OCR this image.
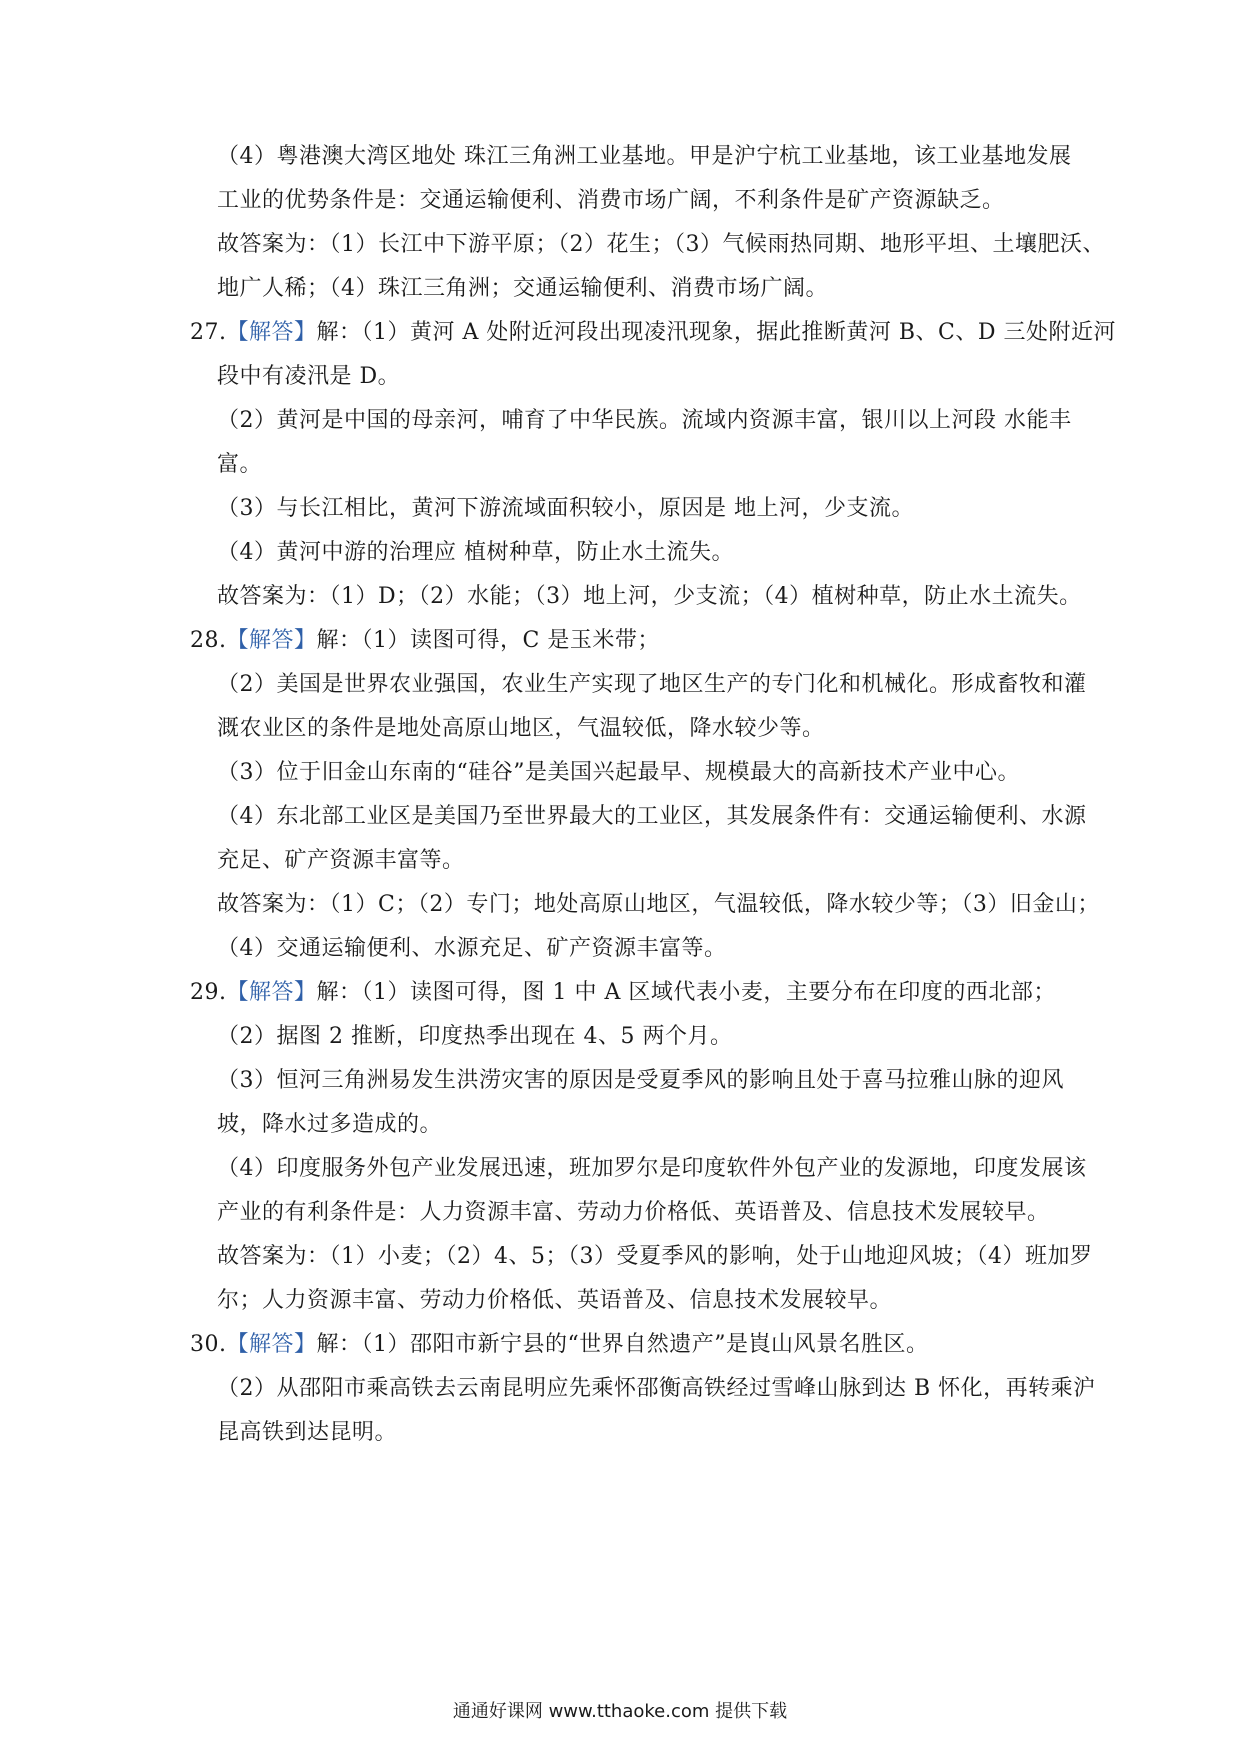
（4）粤港澳大湾区地处 珠江三角洲工业基地。甲是沪宁杭工业基地，该工业基地发展
工业的优势条件是：交通运输便利、消费市场广阔，不利条件是矿产资源缺乏。
故答案为：（1）长江中下游平原；（2）花生；（3）气候雨热同期、地形平坦、土壤肥沃、
地广人稀；（4）珠江三角洲；交通运输便利、消费市场广阔。
27.【解答】解：（1）黄河 A 处附近河段出现凌汛现象，据此推断黄河 B、C、D 三处附近河
段中有凌汛是 D。
（2）黄河是中国的母亲河，哺育了中华民族。流域内资源丰富，银川以上河段 水能丰
富。
（3）与长江相比，黄河下游流域面积较小，原因是 地上河，少支流。
（4）黄河中游的治理应 植树种草，防止水土流失。
故答案为：（1）D；（2）水能；（3）地上河，少支流；（4）植树种草，防止水土流失。
28.【解答】解：（1）读图可得，C 是玉米带；
（2）美国是世界农业强国，农业生产实现了地区生产的专门化和机械化。形成畜牧和灌
溉农业区的条件是地处高原山地区，气温较低，降水较少等。
（3）位于旧金山东南的“硅谷”是美国兴起最早、规模最大的高新技术产业中心。
（4）东北部工业区是美国乃至世界最大的工业区，其发展条件有：交通运输便利、水源
充足、矿产资源丰富等。
故答案为：（1）C；（2）专门；地处高原山地区，气温较低，降水较少等；（3）旧金山；
（4）交通运输便利、水源充足、矿产资源丰富等。
29.【解答】解：（1）读图可得，图 1 中 A 区域代表小麦，主要分布在印度的西北部；
（2）据图 2 推断，印度热季出现在 4、5 两个月。
（3）恒河三角洲易发生洪涝灾害的原因是受夏季风的影响且处于喜马拉雅山脉的迎风
坡，降水过多造成的。
（4）印度服务外包产业发展迅速，班加罗尔是印度软件外包产业的发源地，印度发展该
产业的有利条件是：人力资源丰富、劳动力价格低、英语普及、信息技术发展较早。
故答案为：（1）小麦；（2）4、5；（3）受夏季风的影响，处于山地迎风坡；（4）班加罗
尔；人力资源丰富、劳动力价格低、英语普及、信息技术发展较早。
30.【解答】解：（1）邵阳市新宁县的“世界自然遗产”是崀山风景名胜区。
（2）从邵阳市乘高铁去云南昆明应先乘怀邵衡高铁经过雪峰山脉到达 B 怀化，再转乘沪
昆高铁到达昆明。
通通好课网 www.tthaoke.com 提供下载
